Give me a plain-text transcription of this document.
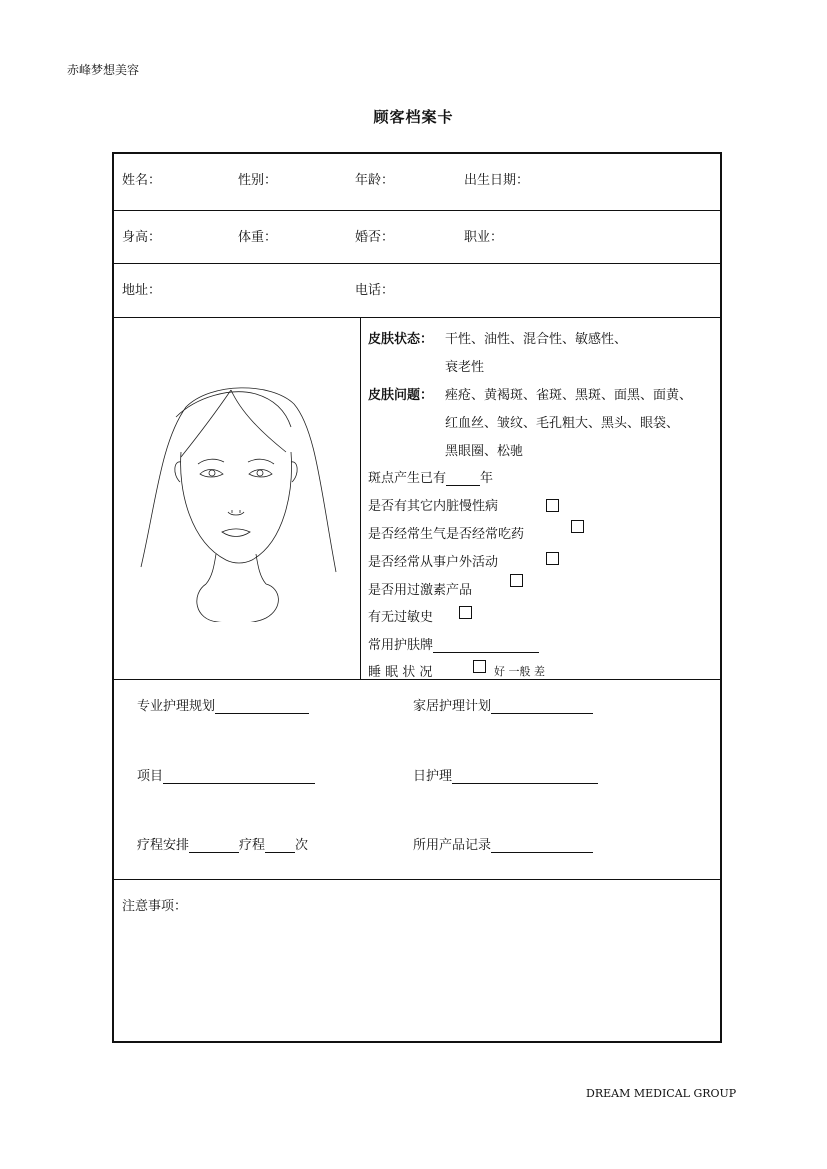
赤峰梦想美容
顾客档案卡
姓名：	性别：	年龄：	出生日期：
身高：	体重：	婚否：	职业：
地址：	电话：
皮肤状态： 干性、油性、混合性、敏感性、
衰老性
皮肤问题： 痤疮、黄褐斑、雀斑、黑斑、面黑、面黄、
红血丝、皱纹、毛孔粗大、黑头、眼袋、
黑眼圈、松驰
斑点产生已有	年
是否有其它内脏慢性病
是否经常生气是否经常吃药
是否经常从事户外活动
是否用过激素产品
有无过敏史
常用护肤牌
睡 眠 状 况	好 一般 差
专业护理规划	家居护理计划
项目	日护理
疗程安排	疗程 次	所用产品记录
注意事项：
DREAM MEDICAL GROUP
